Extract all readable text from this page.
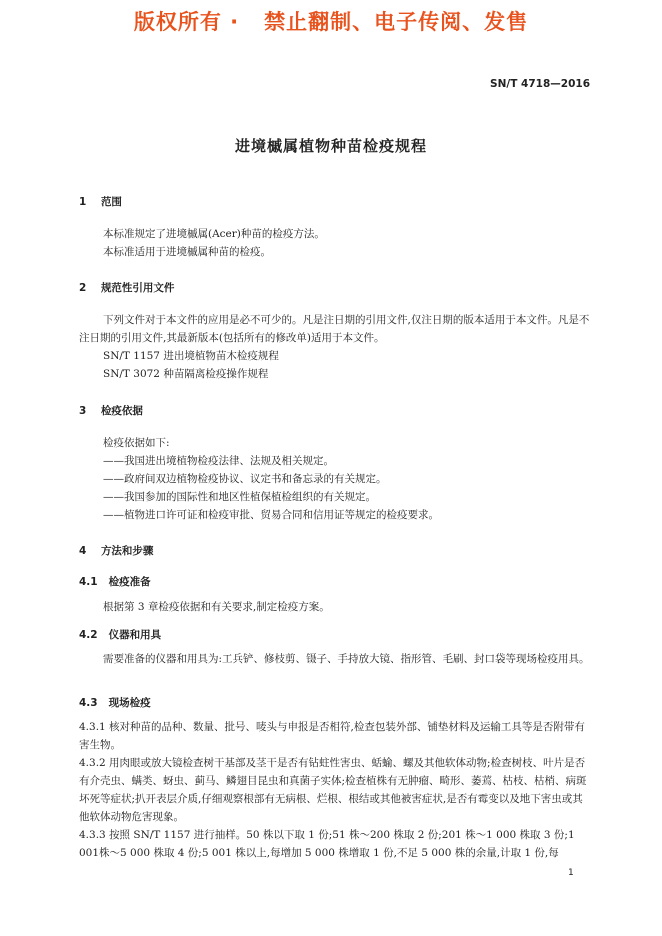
版权所有 ·   禁止翻制、电子传阅、发售
SN/T 4718—2016
进境槭属植物种苗检疫规程
1 范围
本标准规定了进境槭属(Acer)种苗的检疫方法。
本标准适用于进境槭属种苗的检疫。
2 规范性引用文件
下列文件对于本文件的应用是必不可少的。凡是注日期的引用文件,仅注日期的版本适用于本文件。凡是不注日期的引用文件,其最新版本(包括所有的修改单)适用于本文件。
SN/T 1157 进出境植物苗木检疫规程
SN/T 3072 种苗隔离检疫操作规程
3 检疫依据
检疫依据如下:
——我国进出境植物检疫法律、法规及相关规定。
——政府间双边植物检疫协议、议定书和备忘录的有关规定。
——我国参加的国际性和地区性植保植检组织的有关规定。
——植物进口许可证和检疫审批、贸易合同和信用证等规定的检疫要求。
4 方法和步骤
4.1 检疫准备
根据第 3 章检疫依据和有关要求,制定检疫方案。
4.2 仪器和用具
需要准备的仪器和用具为:工兵铲、修枝剪、镊子、手持放大镜、指形管、毛刷、封口袋等现场检疫用具。
4.3 现场检疫
4.3.1 核对种苗的品种、数量、批号、唛头与申报是否相符,检查包装外部、铺垫材料及运输工具等是否附带有害生物。
4.3.2 用肉眼或放大镜检查树干基部及茎干是否有钻蛀性害虫、蛞蝓、螺及其他软体动物;检查树枝、叶片是否有介壳虫、螨类、蚜虫、蓟马、鳞翅目昆虫和真菌子实体;检查植株有无肿瘤、畸形、萎蔫、枯枝、枯梢、病斑坏死等症状;扒开表层介质,仔细观察根部有无病根、烂根、根结或其他被害症状,是否有霉变以及地下害虫或其他软体动物危害现象。
4.3.3 按照 SN/T 1157 进行抽样。50 株以下取 1 份;51 株～200 株取 2 份;201 株～1 000 株取 3 份;1 001株～5 000 株取 4 份;5 001 株以上,每增加 5 000 株增取 1 份,不足 5 000 株的余量,计取 1 份,每
1
